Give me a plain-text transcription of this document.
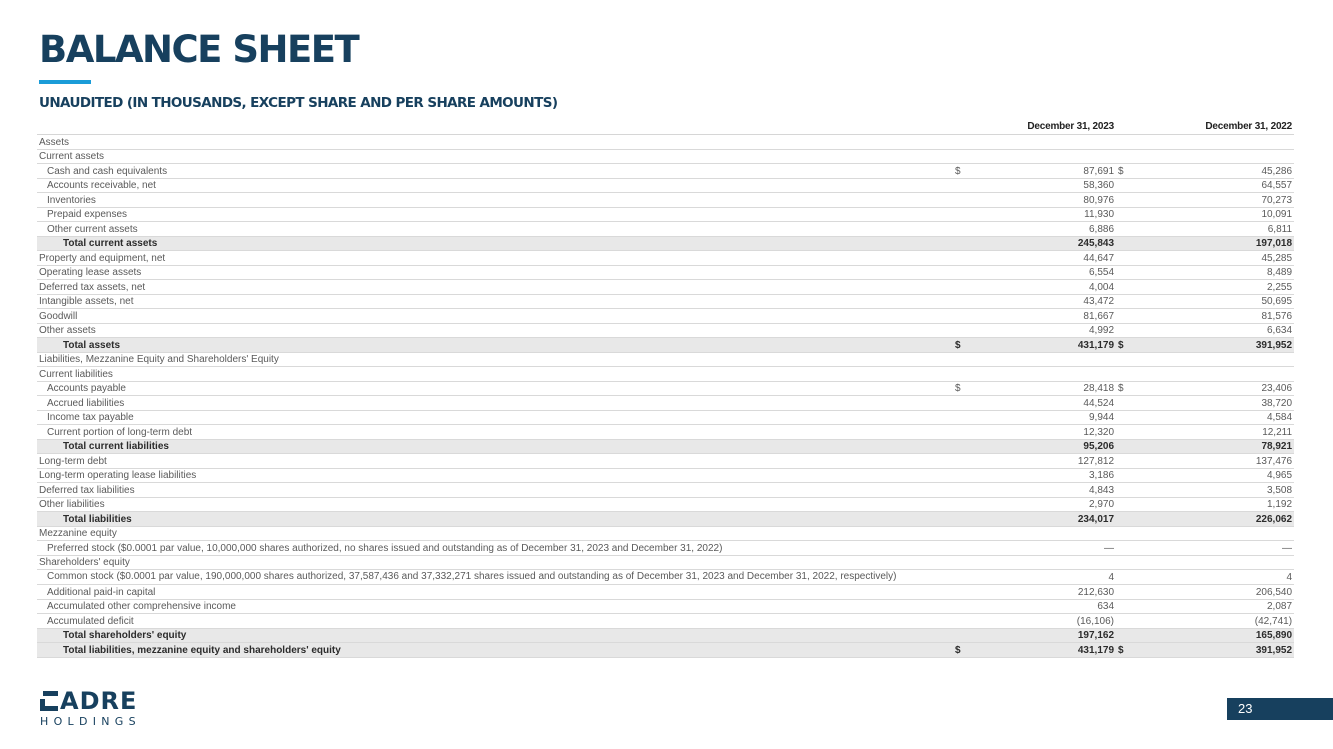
BALANCE SHEET
UNAUDITED (IN THOUSANDS, EXCEPT SHARE AND PER SHARE AMOUNTS)
	December 31, 2023		December 31, 2022	
Assets				
Current assets				
Cash and cash equivalents	$	87,691	$	45,286
Accounts receivable, net		58,360		64,557
Inventories		80,976		70,273
Prepaid expenses		11,930		10,091
Other current assets		6,886		6,811
Total current assets		245,843		197,018
Property and equipment, net		44,647		45,285
Operating lease assets		6,554		8,489
Deferred tax assets, net		4,004		2,255
Intangible assets, net		43,472		50,695
Goodwill		81,667		81,576
Other assets		4,992		6,634
Total assets	$	431,179	$	391,952
Liabilities, Mezzanine Equity and Shareholders' Equity				
Current liabilities				
Accounts payable	$	28,418	$	23,406
Accrued liabilities		44,524		38,720
Income tax payable		9,944		4,584
Current portion of long-term debt		12,320		12,211
Total current liabilities		95,206		78,921
Long-term debt		127,812		137,476
Long-term operating lease liabilities		3,186		4,965
Deferred tax liabilities		4,843		3,508
Other liabilities		2,970		1,192
Total liabilities		234,017		226,062
Mezzanine equity				
Preferred stock ($0.0001 par value, 10,000,000 shares authorized, no shares issued and outstanding as of December 31, 2023 and December 31, 2022)		—		—
Shareholders' equity				
Common stock ($0.0001 par value, 190,000,000 shares authorized, 37,587,436 and 37,332,271 shares issued and outstanding as of December 31, 2023 and December 31, 2022, respectively)		4		4
Additional paid-in capital		212,630		206,540
Accumulated other comprehensive income		634		2,087
Accumulated deficit		(16,106)		(42,741)
Total shareholders' equity		197,162		165,890
Total liabilities, mezzanine equity and shareholders' equity	$	431,179	$	391,952
ADRE
HOLDINGS
23
